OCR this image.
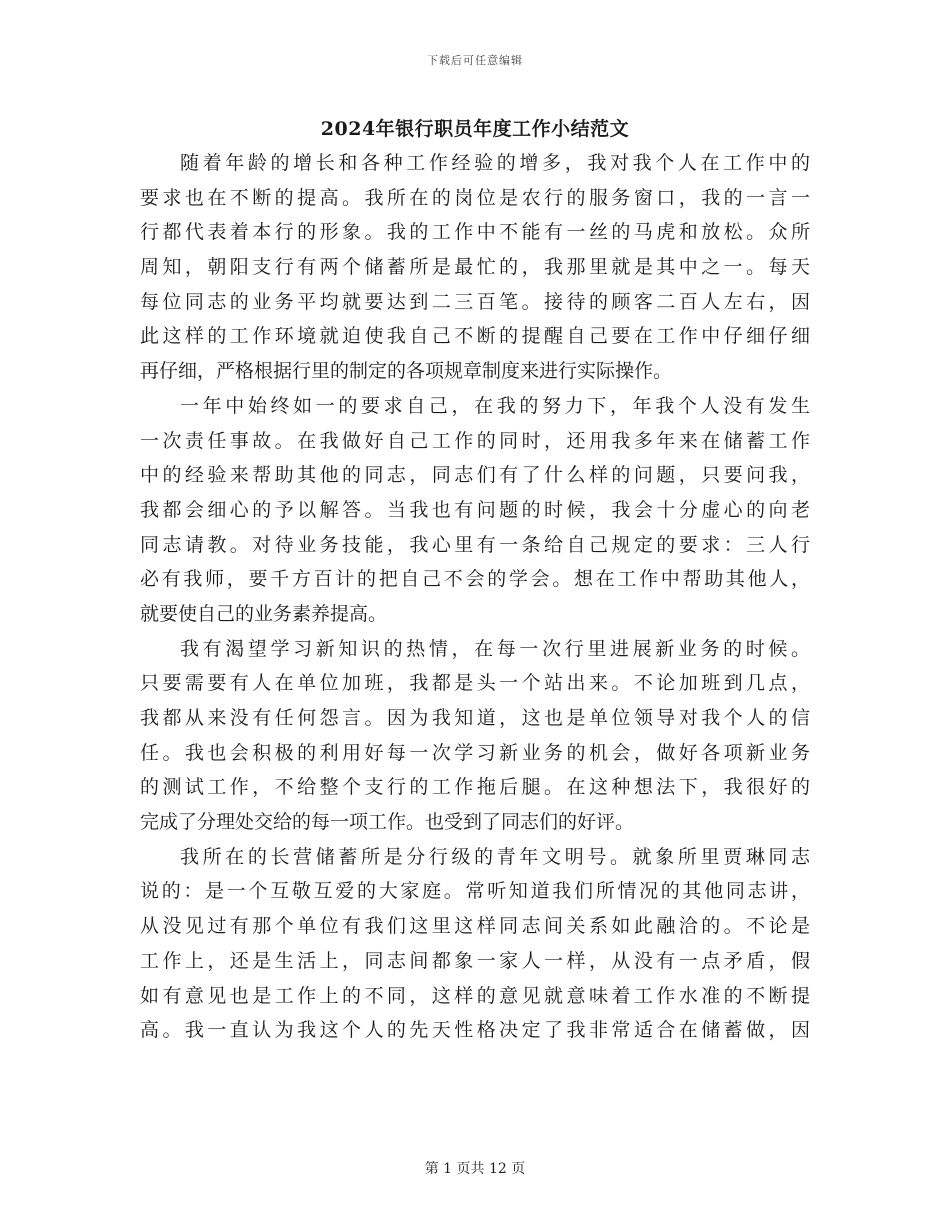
下载后可任意编辑
2024年银行职员年度工作小结范文
随着年龄的增长和各种工作经验的增多，我对我个人在工作中的
要求也在不断的提高。我所在的岗位是农行的服务窗口，我的一言一
行都代表着本行的形象。我的工作中不能有一丝的马虎和放松。众所
周知，朝阳支行有两个储蓄所是最忙的，我那里就是其中之一。每天
每位同志的业务平均就要达到二三百笔。接待的顾客二百人左右，因
此这样的工作环境就迫使我自己不断的提醒自己要在工作中仔细仔细
再仔细，严格根据行里的制定的各项规章制度来进行实际操作。
一年中始终如一的要求自己，在我的努力下，年我个人没有发生
一次责任事故。在我做好自己工作的同时，还用我多年来在储蓄工作
中的经验来帮助其他的同志，同志们有了什么样的问题，只要问我，
我都会细心的予以解答。当我也有问题的时候，我会十分虚心的向老
同志请教。对待业务技能，我心里有一条给自己规定的要求：三人行
必有我师，要千方百计的把自己不会的学会。想在工作中帮助其他人，
就要使自己的业务素养提高。
我有渴望学习新知识的热情，在每一次行里进展新业务的时候。
只要需要有人在单位加班，我都是头一个站出来。不论加班到几点，
我都从来没有任何怨言。因为我知道，这也是单位领导对我个人的信
任。我也会积极的利用好每一次学习新业务的机会，做好各项新业务
的测试工作，不给整个支行的工作拖后腿。在这种想法下，我很好的
完成了分理处交给的每一项工作。也受到了同志们的好评。
我所在的长营储蓄所是分行级的青年文明号。就象所里贾琳同志
说的：是一个互敬互爱的大家庭。常听知道我们所情况的其他同志讲，
从没见过有那个单位有我们这里这样同志间关系如此融洽的。不论是
工作上，还是生活上，同志间都象一家人一样，从没有一点矛盾，假
如有意见也是工作上的不同，这样的意见就意味着工作水准的不断提
高。我一直认为我这个人的先天性格决定了我非常适合在储蓄做，因
第 1 页共 12 页
